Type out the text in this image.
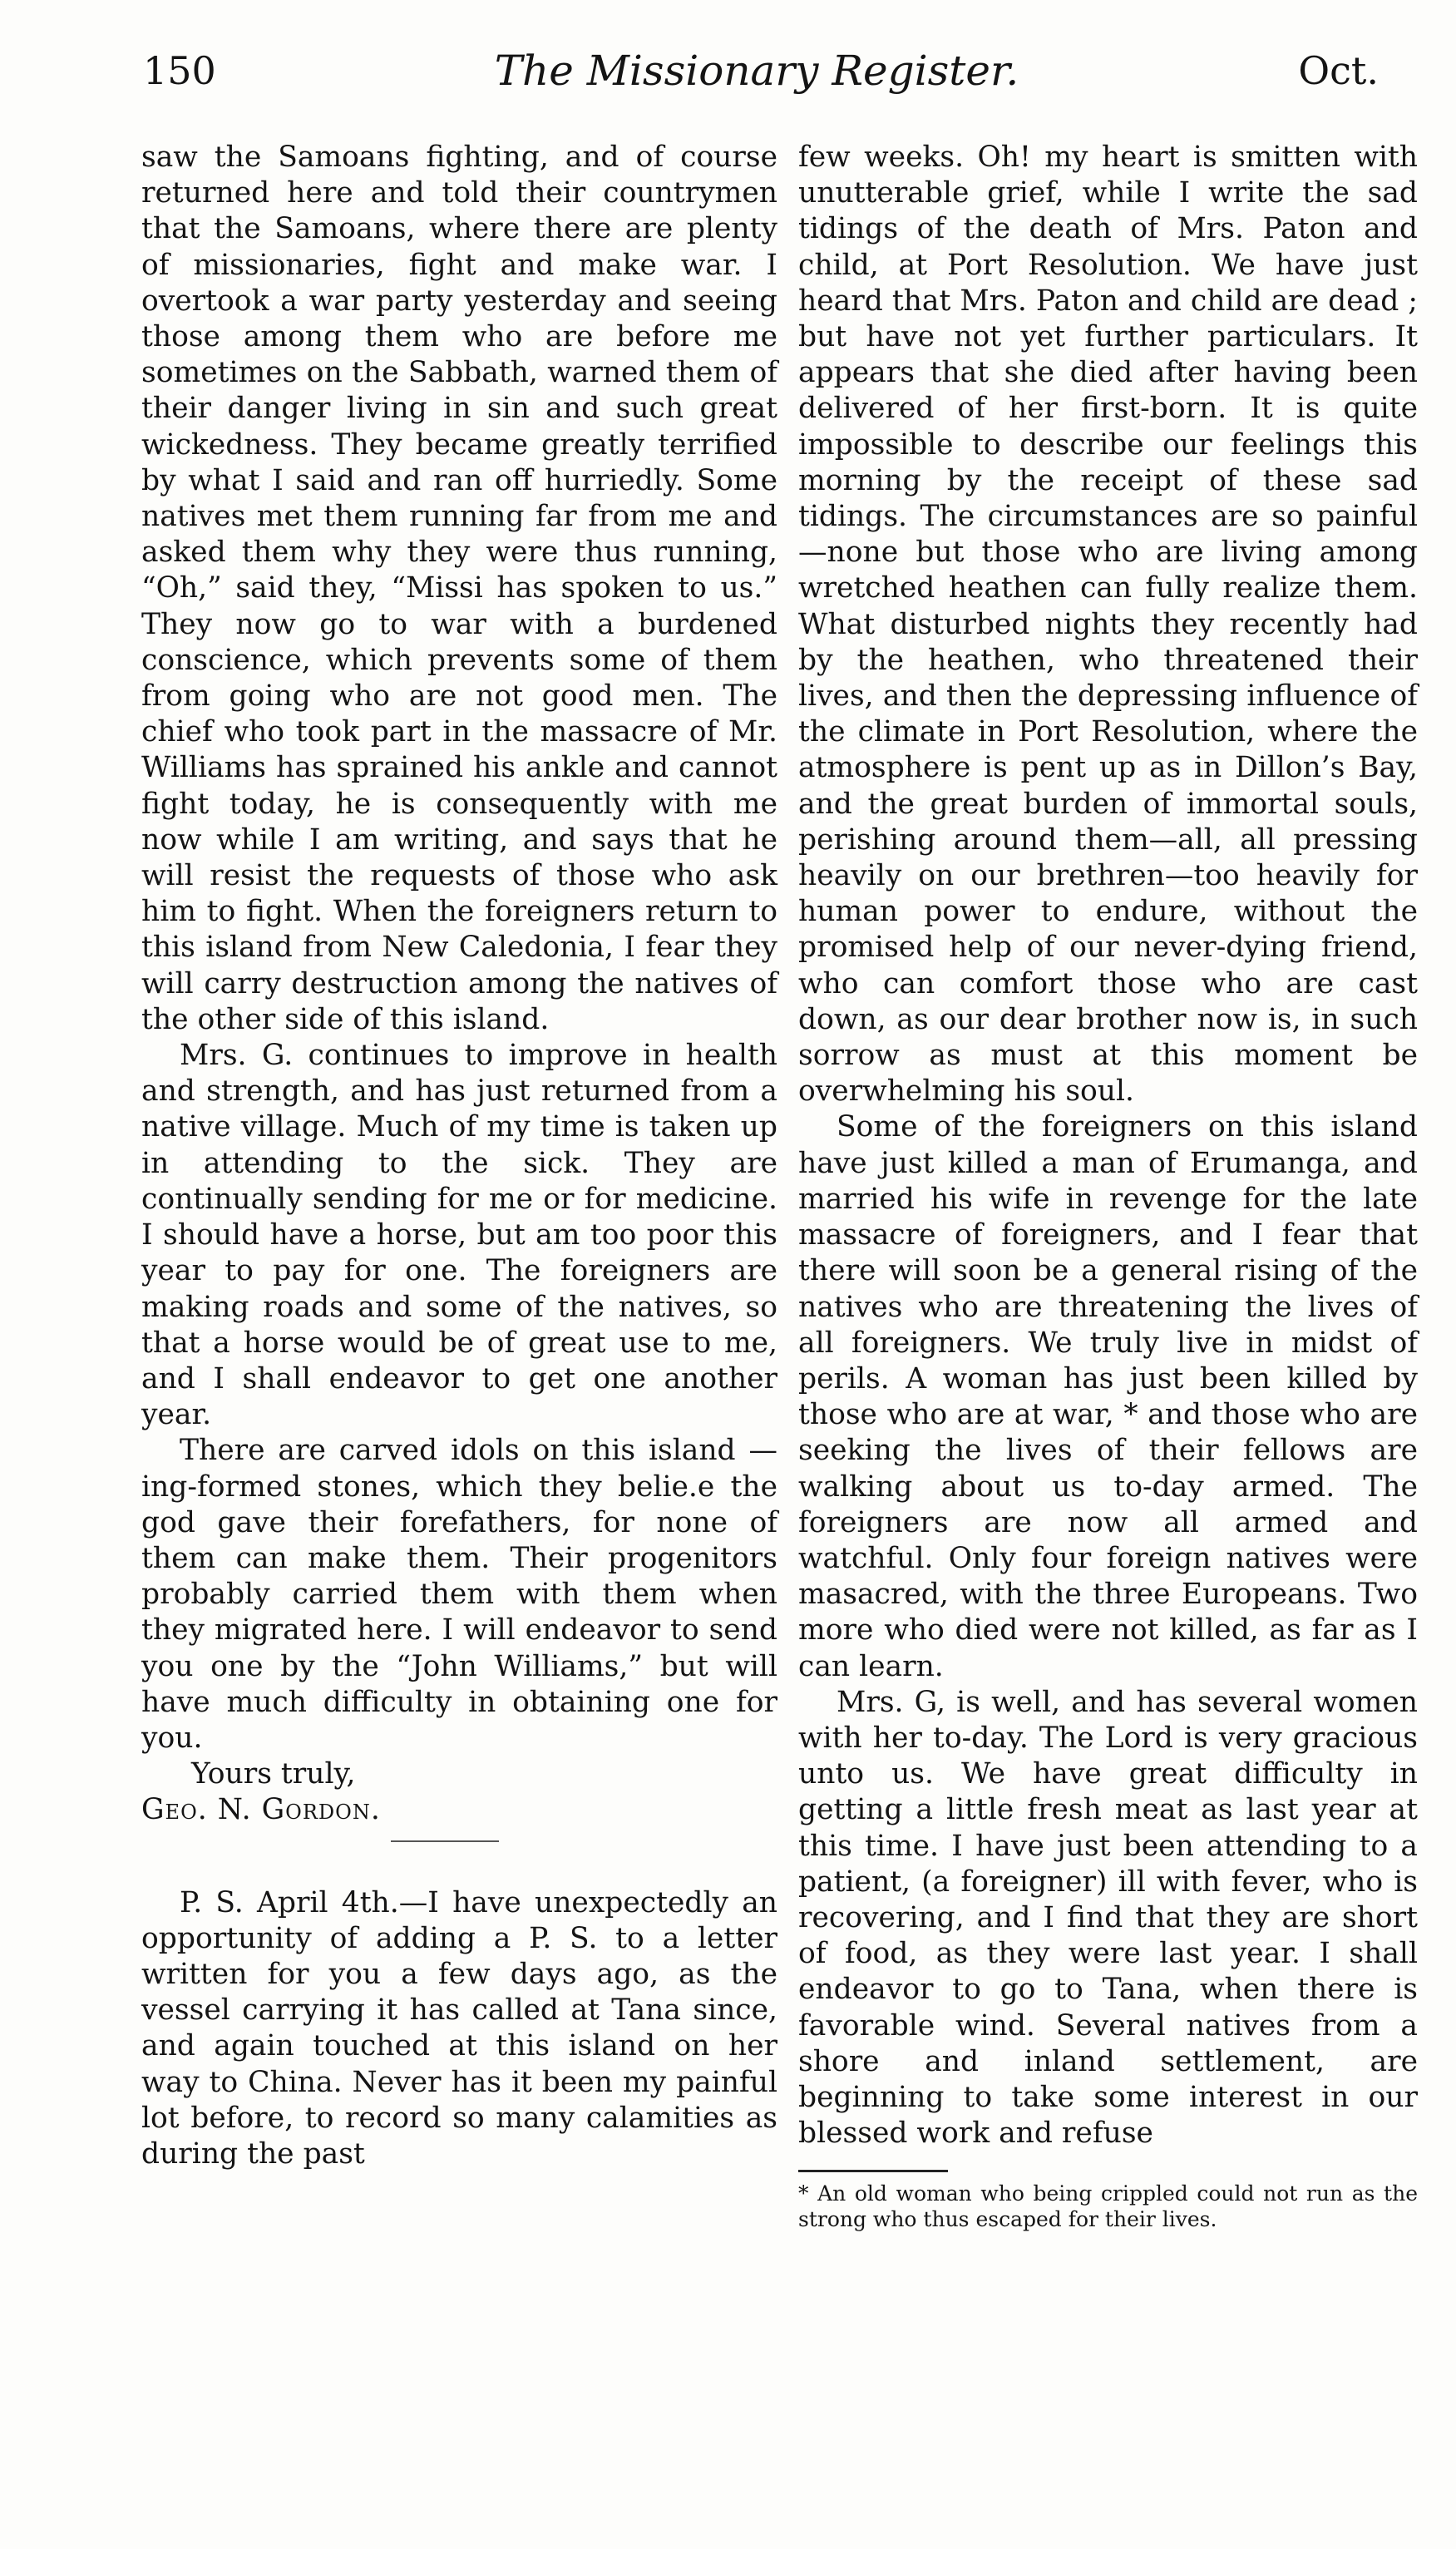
150	The Missionary Register.	Oct.

saw the Samoans fighting, and of course returned here and told their countrymen that the Samoans, where there are plenty of missionaries, fight and make war. I overtook a war party yesterday and seeing those among them who are before me sometimes on the Sabbath, warned them of their danger living in sin and such great wickedness. They became greatly terrified by what I said and ran off hurriedly. Some natives met them running far from me and asked them why they were thus running, “Oh,” said they, “Missi has spoken to us.” They now go to war with a burdened conscience, which prevents some of them from going who are not good men. The chief who took part in the massacre of Mr. Williams has sprained his ankle and cannot fight today, he is consequently with me now while I am writing, and says that he will resist the requests of those who ask him to fight. When the foreigners return to this island from New Caledonia, I fear they will carry destruction among the natives of the other side of this island.

Mrs. G. continues to improve in health and strength, and has just returned from a native village. Much of my time is taken up in attending to the sick. They are continually sending for me or for medicine. I should have a horse, but am too poor this year to pay for one. The foreigners are making roads and some of the natives, so that a horse would be of great use to me, and I shall endeavor to get one another year.

There are carved idols on this island — ing-formed stones, which they belie.e the god gave their forefathers, for none of them can make them. Their progenitors probably carried them with them when they migrated here. I will endeavor to send you one by the “John Williams,” but will have much difficulty in obtaining one for you.

Yours truly,

Geo. N. Gordon.

P. S. April 4th.—I have unexpectedly an opportunity of adding a P. S. to a letter written for you a few days ago, as the vessel carrying it has called at Tana since, and again touched at this island on her way to China. Never has it been my painful lot before, to record so many calamities as during the past

few weeks. Oh! my heart is smitten with unutterable grief, while I write the sad tidings of the death of Mrs. Paton and child, at Port Resolution. We have just heard that Mrs. Paton and child are dead ; but have not yet further particulars. It appears that she died after having been delivered of her first-born. It is quite impossible to describe our feelings this morning by the receipt of these sad tidings. The circumstances are so painful—none but those who are living among wretched heathen can fully realize them. What disturbed nights they recently had by the heathen, who threatened their lives, and then the depressing influence of the climate in Port Resolution, where the atmosphere is pent up as in Dillon’s Bay, and the great burden of immortal souls, perishing around them—all, all pressing heavily on our brethren—too heavily for human power to endure, without the promised help of our never-dying friend, who can comfort those who are cast down, as our dear brother now is, in such sorrow as must at this moment be overwhelming his soul.

Some of the foreigners on this island have just killed a man of Erumanga, and married his wife in revenge for the late massacre of foreigners, and I fear that there will soon be a general rising of the natives who are threatening the lives of all foreigners. We truly live in midst of perils. A woman has just been killed by those who are at war, * and those who are seeking the lives of their fellows are walking about us to-day armed. The foreigners are now all armed and watchful. Only four foreign natives were masacred, with the three Europeans. Two more who died were not killed, as far as I can learn.

Mrs. G, is well, and has several women with her to-day. The Lord is very gracious unto us. We have great difficulty in getting a little fresh meat as last year at this time. I have just been attending to a patient, (a foreigner) ill with fever, who is recovering, and I find that they are short of food, as they were last year. I shall endeavor to go to Tana, when there is favorable wind. Several natives from a shore and inland settlement, are beginning to take some interest in our blessed work and refuse

* An old woman who being crippled could not run as the strong who thus escaped for their lives.
